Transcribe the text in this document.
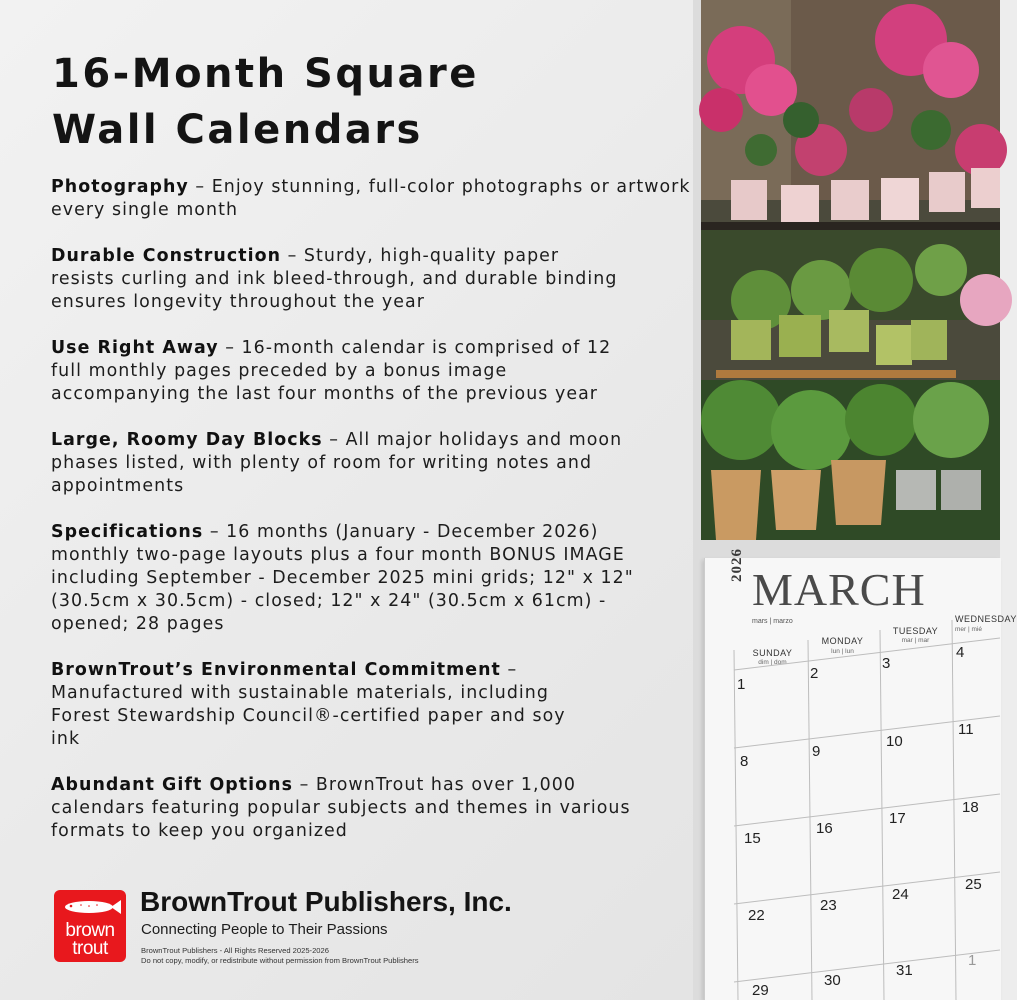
16-Month Square
Wall Calendars

Photography – Enjoy stunning, full-color photographs or artwork every single month

Durable Construction – Sturdy, high-quality paper resists curling and ink bleed-through, and durable binding ensures longevity throughout the year

Use Right Away – 16-month calendar is comprised of 12 full monthly pages preceded by a bonus image accompanying the last four months of the previous year

Large, Roomy Day Blocks – All major holidays and moon phases listed, with plenty of room for writing notes and appointments

Specifications – 16 months (January - December 2026) monthly two-page layouts plus a four month BONUS IMAGE including September - December 2025 mini grids; 12" x 12" (30.5cm x 30.5cm) - closed; 12" x 24" (30.5cm x 61cm) - opened; 28 pages

BrownTrout’s Environmental Commitment – Manufactured with sustainable materials, including Forest Stewardship Council®-certified paper and soy ink

Abundant Gift Options – BrownTrout has over 1,000 calendars featuring popular subjects and themes in various formats to keep you organized

brown
trout

BrownTrout Publishers, Inc.

Connecting People to Their Passions
BrownTrout Publishers - All Rights Reserved 2025-2026
Do not copy, modify, or redistribute without permission from BrownTrout Publishers
2026 MARCH
mars | marzo
SUNDAY
MONDAY
TUESDAY
WEDNESDAY
dim | dom
lun | lun
mar | mar
mer | mié
1
2
3
4
8
9
10
11
15
16
17
18
22
23
24
25
29
30
31
1
